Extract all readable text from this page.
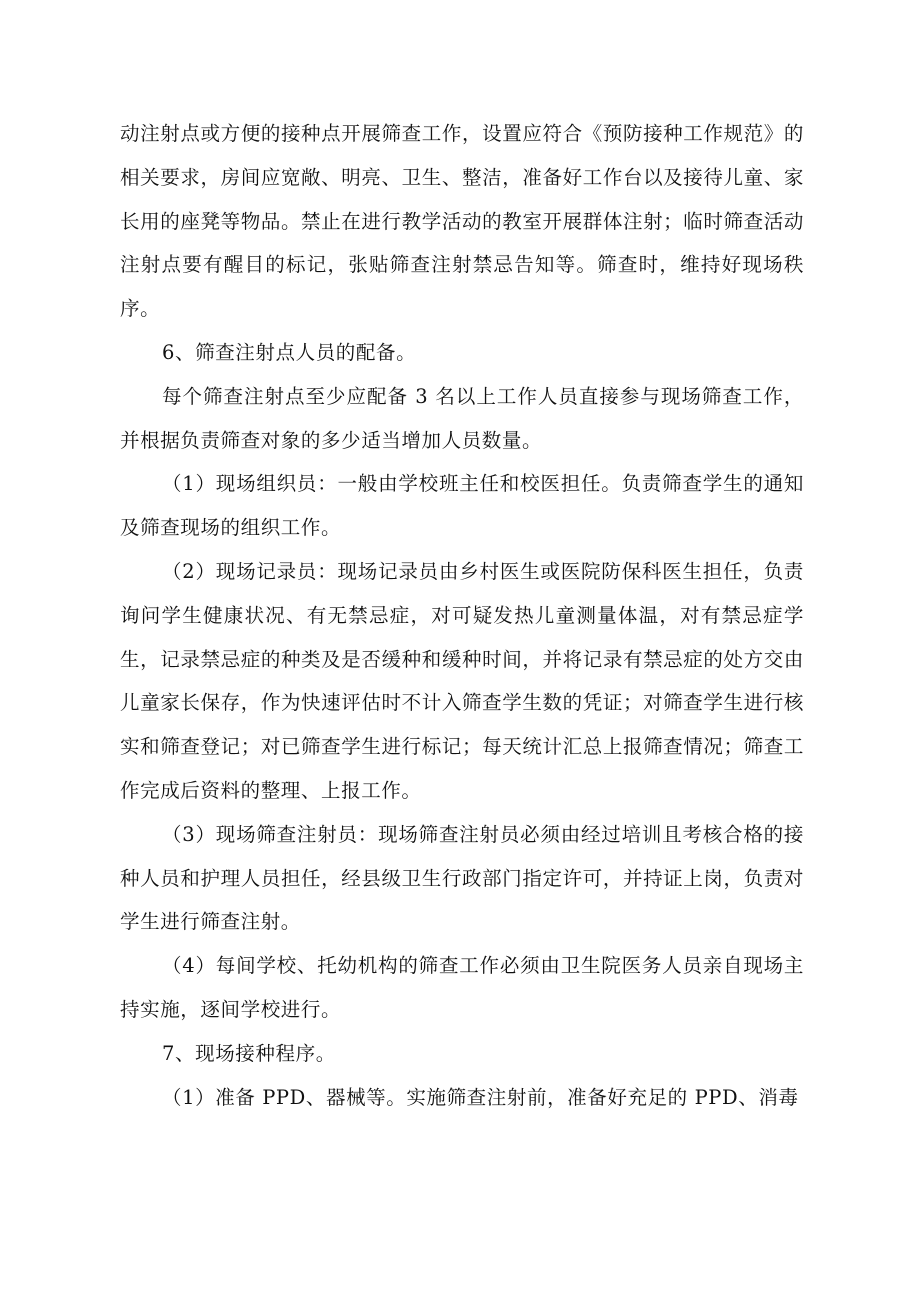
动注射点或方便的接种点开展筛查工作，设置应符合《预防接种工作规范》的相关要求，房间应宽敞、明亮、卫生、整洁，准备好工作台以及接待儿童、家长用的座凳等物品。禁止在进行教学活动的教室开展群体注射；临时筛查活动注射点要有醒目的标记，张贴筛查注射禁忌告知等。筛查时，维持好现场秩序。

6、筛查注射点人员的配备。

每个筛查注射点至少应配备 3 名以上工作人员直接参与现场筛查工作，并根据负责筛查对象的多少适当增加人员数量。

（1）现场组织员：一般由学校班主任和校医担任。负责筛查学生的通知及筛查现场的组织工作。

（2）现场记录员：现场记录员由乡村医生或医院防保科医生担任，负责询问学生健康状况、有无禁忌症，对可疑发热儿童测量体温，对有禁忌症学生，记录禁忌症的种类及是否缓种和缓种时间，并将记录有禁忌症的处方交由儿童家长保存，作为快速评估时不计入筛查学生数的凭证；对筛查学生进行核实和筛查登记；对已筛查学生进行标记；每天统计汇总上报筛查情况；筛查工作完成后资料的整理、上报工作。

（3）现场筛查注射员：现场筛查注射员必须由经过培训且考核合格的接种人员和护理人员担任，经县级卫生行政部门指定许可，并持证上岗，负责对学生进行筛查注射。

（4）每间学校、托幼机构的筛查工作必须由卫生院医务人员亲自现场主持实施，逐间学校进行。

7、现场接种程序。

（1）准备 PPD、器械等。实施筛查注射前，准备好充足的 PPD、消毒
